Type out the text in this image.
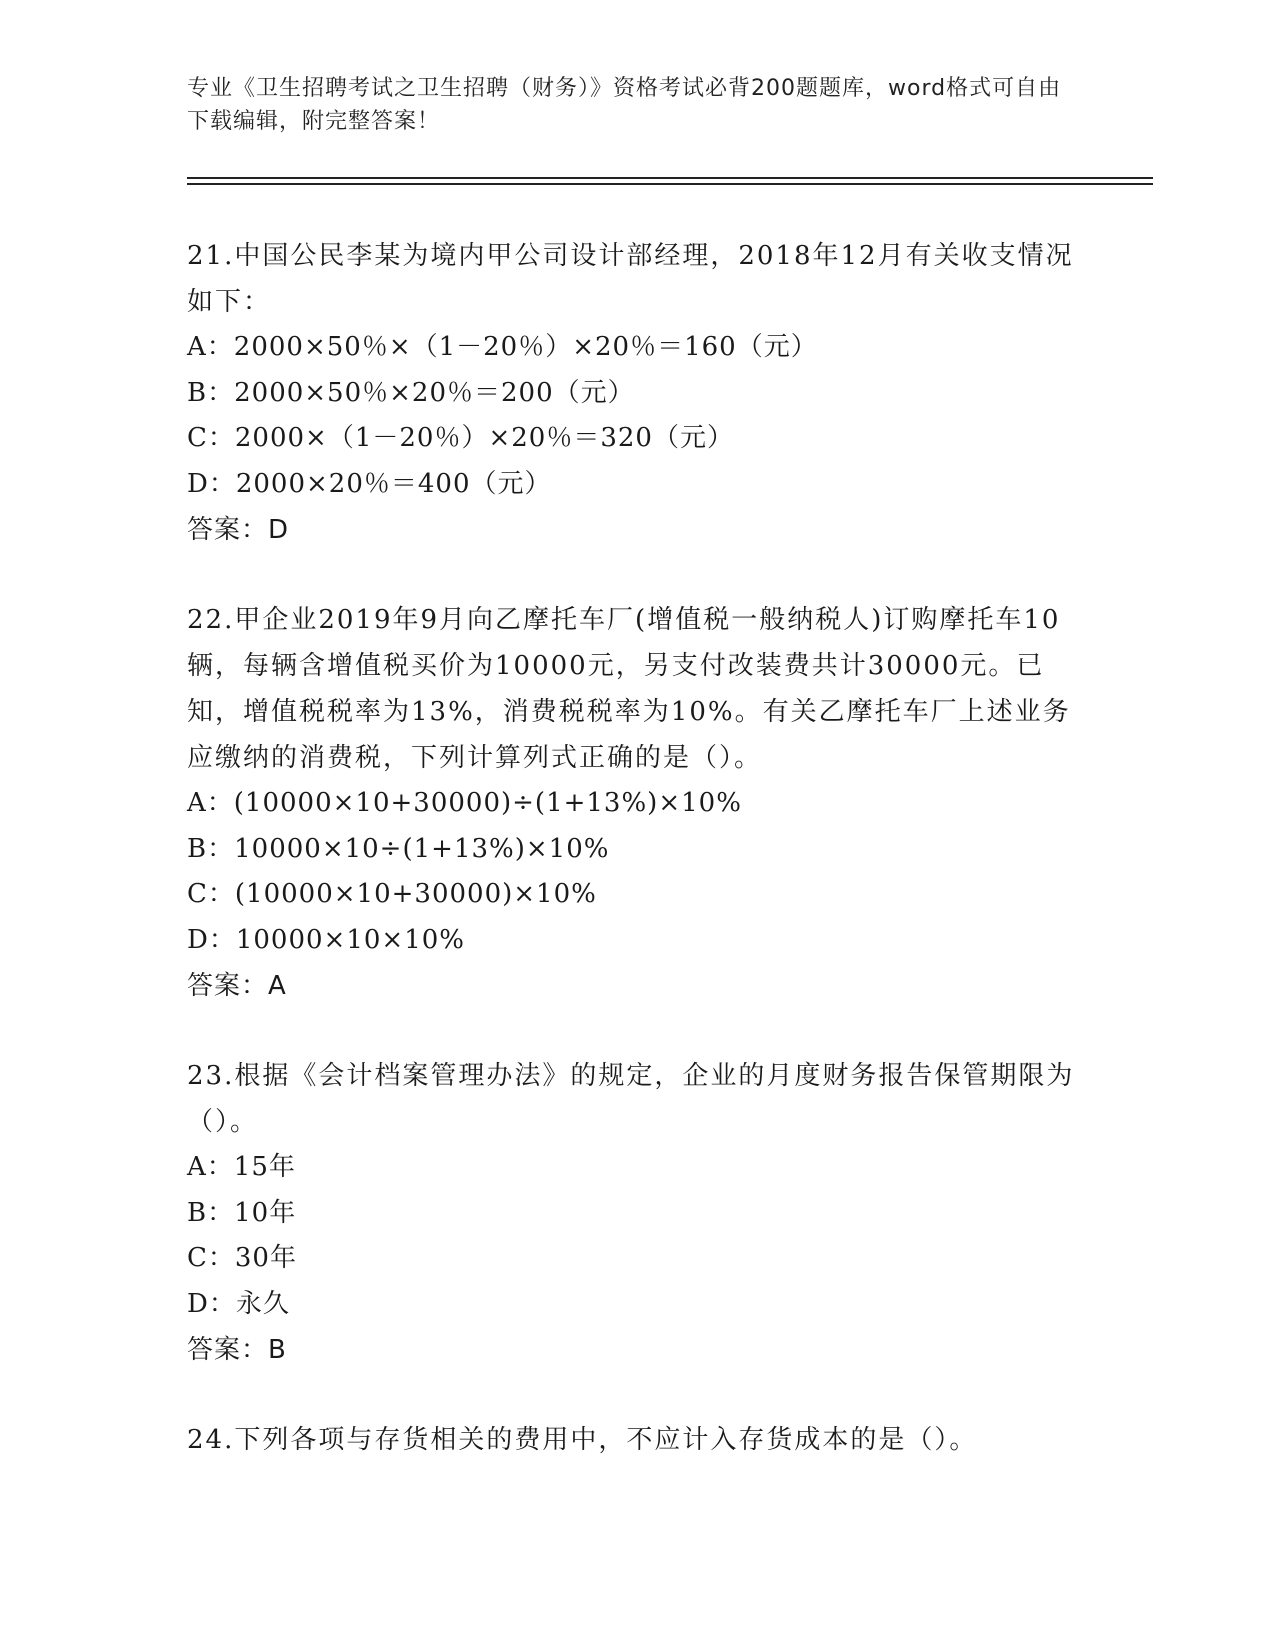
专业《卫生招聘考试之卫生招聘（财务）》资格考试必背200题题库，word格式可自由下载编辑，附完整答案！

21.中国公民李某为境内甲公司设计部经理，2018年12月有关收支情况如下：

A：2000×50％×（1－20％）×20％＝160（元）
B：2000×50％×20％＝200（元）
C：2000×（1－20％）×20％＝320（元）
D：2000×20％＝400（元）

答案：D

22.甲企业2019年9月向乙摩托车厂(增值税一般纳税人)订购摩托车10辆，每辆含增值税买价为10000元，另支付改装费共计30000元。已知，增值税税率为13%，消费税税率为10%。有关乙摩托车厂上述业务应缴纳的消费税，下列计算列式正确的是（）。

A：(10000×10+30000)÷(1+13%)×10%
B：10000×10÷(1+13%)×10%
C：(10000×10+30000)×10%
D：10000×10×10%

答案：A

23.根据《会计档案管理办法》的规定，企业的月度财务报告保管期限为（）。

A：15年
B：10年
C：30年
D：永久

答案：B

24.下列各项与存货相关的费用中，不应计入存货成本的是（）。
